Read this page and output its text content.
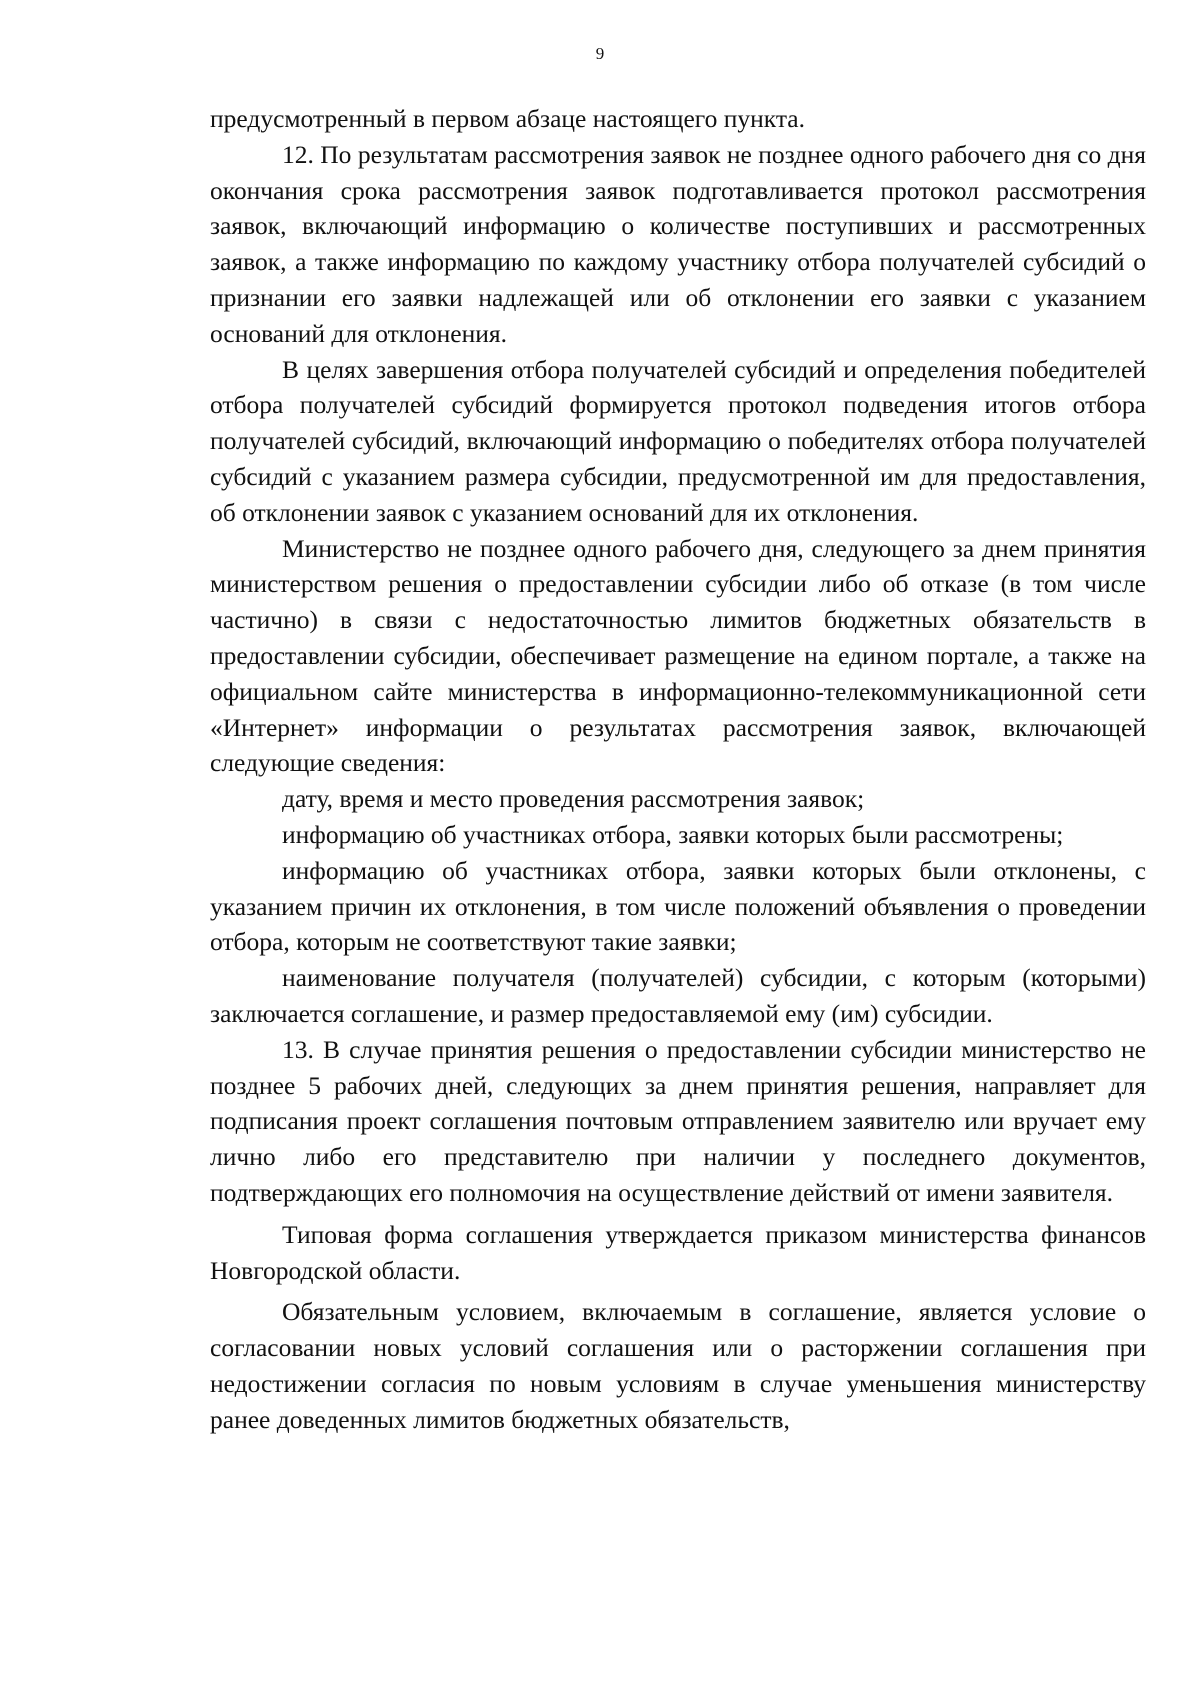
9

предусмотренный в первом абзаце настоящего пункта.

12. По результатам рассмотрения заявок не позднее одного рабочего дня со дня окончания срока рассмотрения заявок подготавливается протокол рассмотрения заявок, включающий информацию о количестве поступивших и рассмотренных заявок, а также информацию по каждому участнику отбора получателей субсидий о признании его заявки надлежащей или об отклонении его заявки с указанием оснований для отклонения.

В целях завершения отбора получателей субсидий и определения победителей отбора получателей субсидий формируется протокол подведения итогов отбора получателей субсидий, включающий информацию о победителях отбора получателей субсидий с указанием размера субсидии, предусмотренной им для предоставления, об отклонении заявок с указанием оснований для их отклонения.

Министерство не позднее одного рабочего дня, следующего за днем принятия министерством решения о предоставлении субсидии либо об отказе (в том числе частично) в связи с недостаточностью лимитов бюджетных обязательств в предоставлении субсидии, обеспечивает размещение на едином портале, а также на официальном сайте министерства в информационно-телекоммуникационной сети «Интернет» информации о результатах рассмотрения заявок, включающей следующие сведения:

дату, время и место проведения рассмотрения заявок;

информацию об участниках отбора, заявки которых были рассмотрены;

информацию об участниках отбора, заявки которых были отклонены, с указанием причин их отклонения, в том числе положений объявления о проведении отбора, которым не соответствуют такие заявки;

наименование получателя (получателей) субсидии, с которым (которыми) заключается соглашение, и размер предоставляемой ему (им) субсидии.

13. В случае принятия решения о предоставлении субсидии министерство не позднее 5 рабочих дней, следующих за днем принятия решения, направляет для подписания проект соглашения почтовым отправлением заявителю или вручает ему лично либо его представителю при наличии у последнего документов, подтверждающих его полномочия на осуществление действий от имени заявителя.

Типовая форма соглашения утверждается приказом министерства финансов Новгородской области.

Обязательным условием, включаемым в соглашение, является условие о согласовании новых условий соглашения или о расторжении соглашения при недостижении согласия по новым условиям в случае уменьшения министерству ранее доведенных лимитов бюджетных обязательств,
